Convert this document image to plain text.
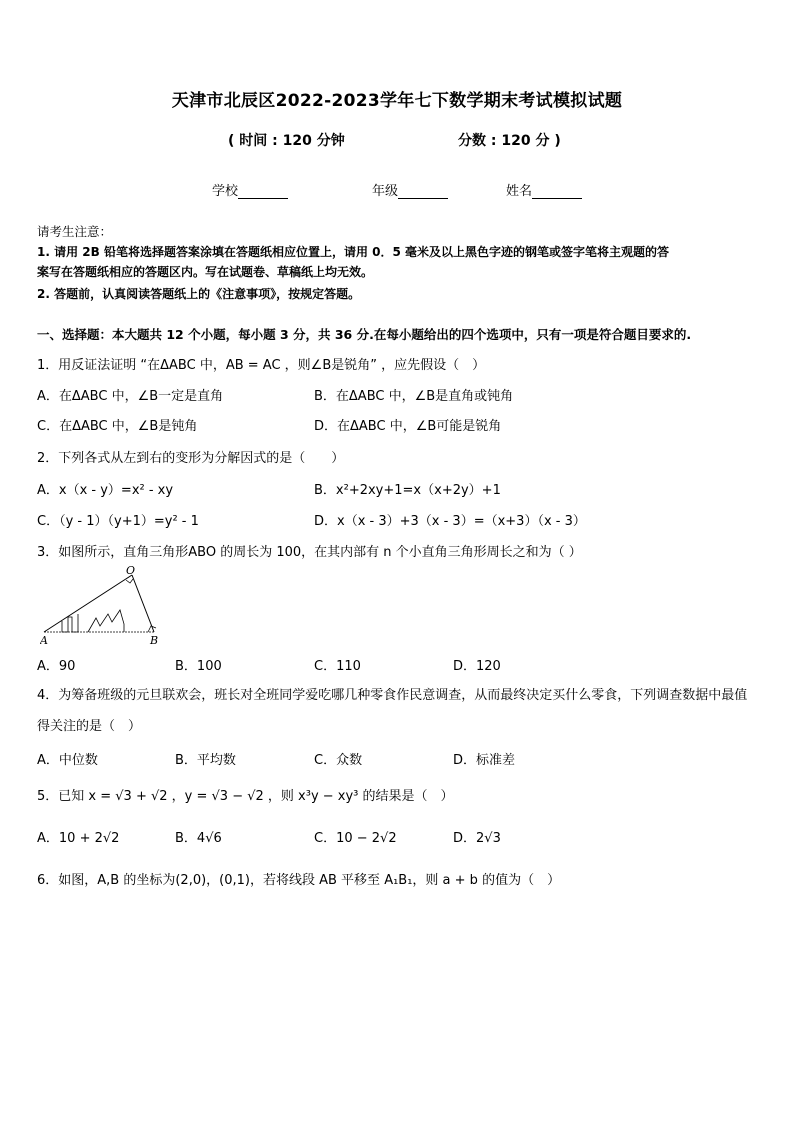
天津市北辰区2022-2023学年七下数学期末考试模拟试题
( 时间 : 120 分钟	分数 : 120 分 )
学校	年级	姓名
请考生注意：
1. 请用 2B 铅笔将选择题答案涂填在答题纸相应位置上，请用 0．5 毫米及以上黑色字迹的钢笔或签字笔将主观题的答
案写在答题纸相应的答题区内。写在试题卷、草稿纸上均无效。
2. 答题前，认真阅读答题纸上的《注意事项》，按规定答题。
一、选择题：本大题共 12 个小题，每小题 3 分，共 36 分.在每小题给出的四个选项中，只有一项是符合题目要求的.
1．用反证法证明 “在ΔABC 中，AB = AC ，则∠B是锐角” ，应先假设（　）
A．在ΔABC 中，∠B一定是直角	B．在ΔABC 中，∠B是直角或钝角
C．在ΔABC 中，∠B是钝角	D．在ΔABC 中，∠B可能是锐角
2．下列各式从左到右的变形为分解因式的是（　　）
A．x（x - y）=x² - xy	B．x²+2xy+1=x（x+2y）+1
C．（y - 1）（y+1）=y² - 1	D．x（x - 3）+3（x - 3）=（x+3）（x - 3）
3．如图所示，直角三角形ABO 的周长为 100，在其内部有 n 个小直角三角形周长之和为（ ）
O
A	B
A．90	B．100	C．110	D．120
4．为筹备班级的元旦联欢会，班长对全班同学爱吃哪几种零食作民意调查，从而最终决定买什么零食，下列调查数据中最值得关注的是（　）
A．中位数	B．平均数	C．众数	D．标准差
5．已知 x = √3 + √2 ，y = √3 − √2 ，则 x³y − xy³ 的结果是（　）
A．10 + 2√2	B．4√6	C．10 − 2√2	D．2√3
6．如图，A,B 的坐标为(2,0)，(0,1)，若将线段 AB 平移至 A₁B₁，则 a + b 的值为（　）
